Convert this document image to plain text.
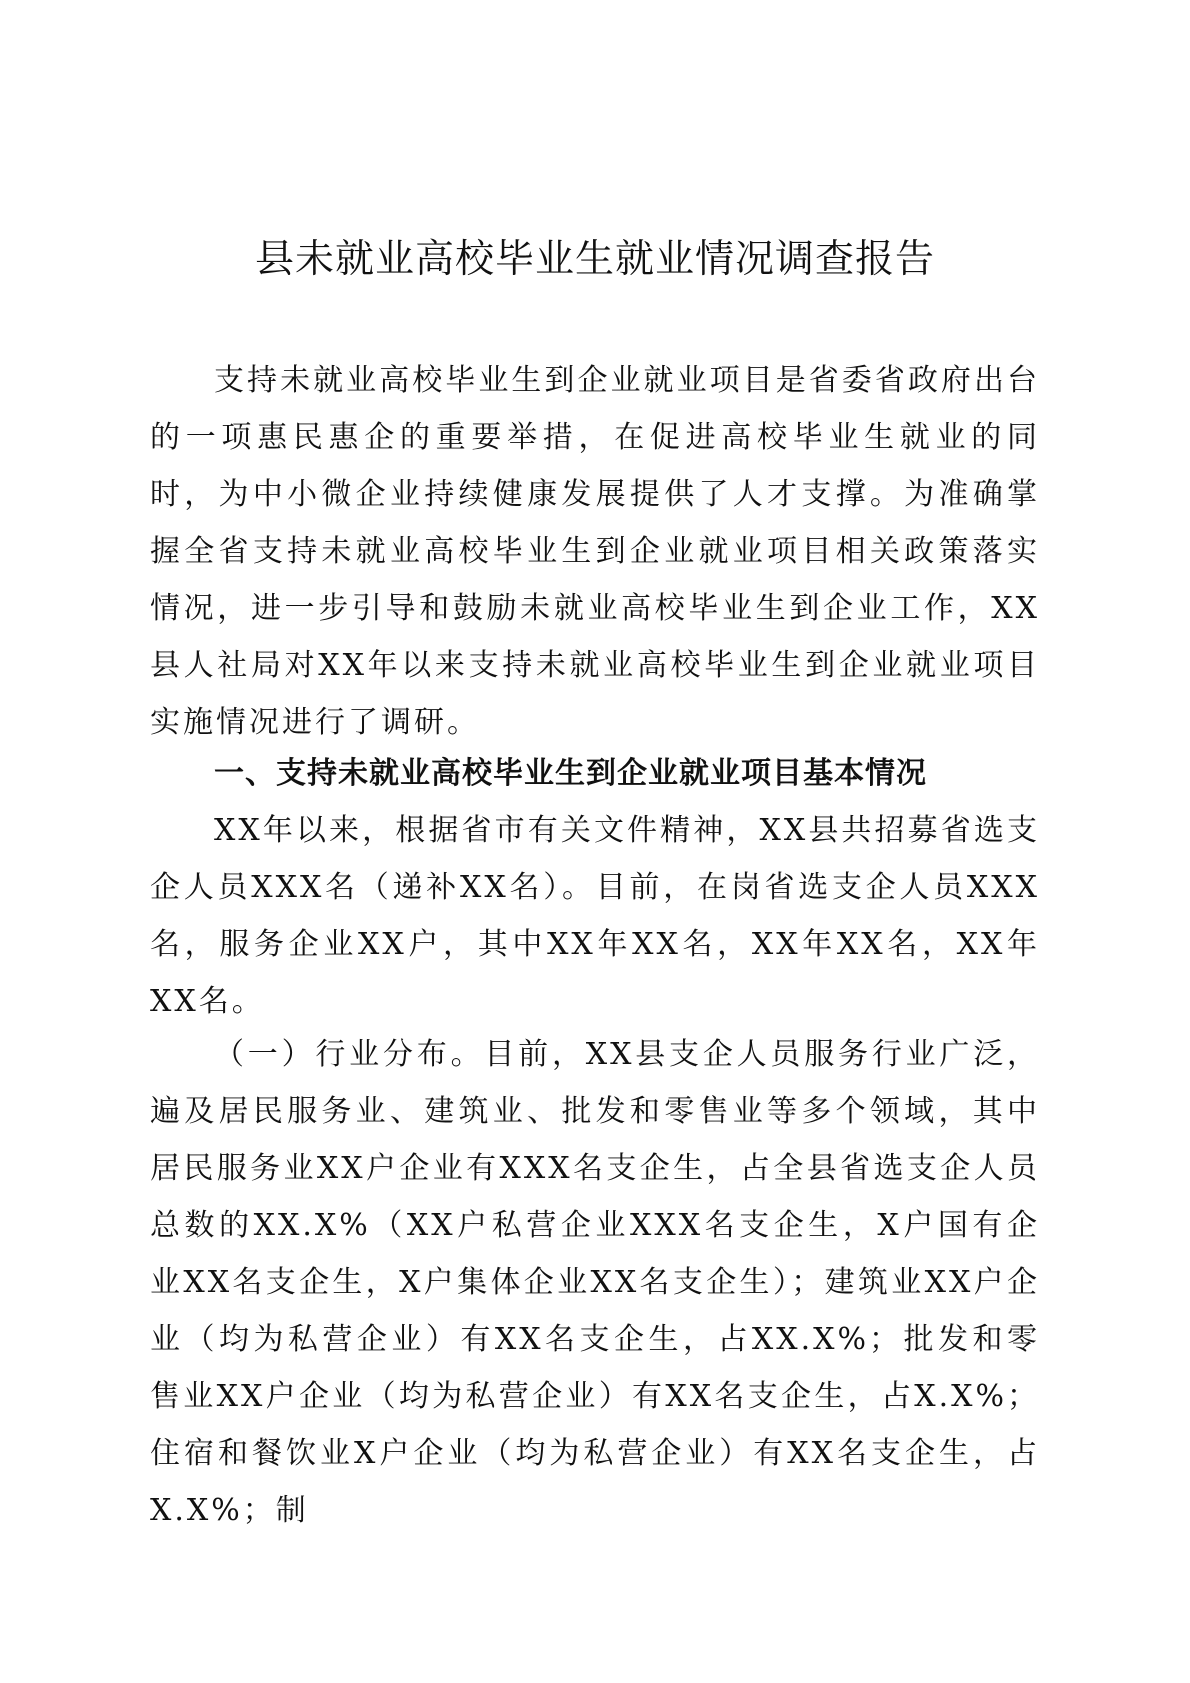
县未就业高校毕业生就业情况调查报告

支持未就业高校毕业生到企业就业项目是省委省政府出台的一项惠民惠企的重要举措，在促进高校毕业生就业的同时，为中小微企业持续健康发展提供了人才支撑。为准确掌握全省支持未就业高校毕业生到企业就业项目相关政策落实情况，进一步引导和鼓励未就业高校毕业生到企业工作，XX县人社局对XX年以来支持未就业高校毕业生到企业就业项目实施情况进行了调研。

一、支持未就业高校毕业生到企业就业项目基本情况

XX年以来，根据省市有关文件精神，XX县共招募省选支企人员XXX名（递补XX名）。目前，在岗省选支企人员XXX名，服务企业XX户，其中XX年XX名，XX年XX名，XX年XX名。

（一）行业分布。目前，XX县支企人员服务行业广泛，遍及居民服务业、建筑业、批发和零售业等多个领域，其中居民服务业XX户企业有XXX名支企生，占全县省选支企人员总数的XX.X%（XX户私营企业XXX名支企生，X户国有企业XX名支企生，X户集体企业XX名支企生）；建筑业XX户企业（均为私营企业）有XX名支企生，占XX.X%；批发和零售业XX户企业（均为私营企业）有XX名支企生，占X.X%；住宿和餐饮业X户企业（均为私营企业）有XX名支企生，占X.X%；制
